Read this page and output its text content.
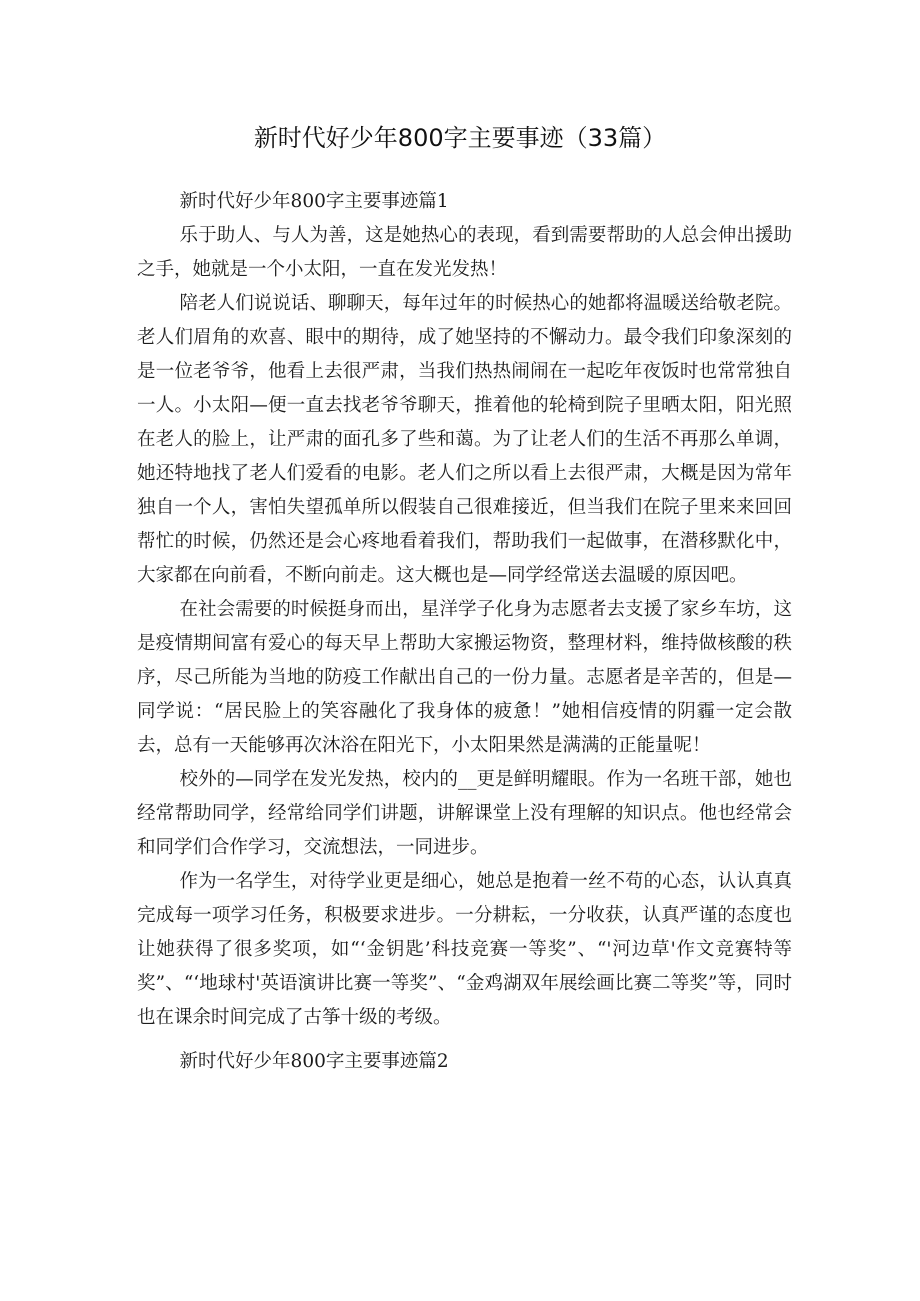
新时代好少年800字主要事迹（33篇）

新时代好少年800字主要事迹篇1

乐于助人、与人为善，这是她热心的表现，看到需要帮助的人总会伸出援助之手，她就是一个小太阳，一直在发光发热！

陪老人们说说话、聊聊天，每年过年的时候热心的她都将温暖送给敬老院。老人们眉角的欢喜、眼中的期待，成了她坚持的不懈动力。最令我们印象深刻的是一位老爷爷，他看上去很严肃，当我们热热闹闹在一起吃年夜饭时也常常独自一人。小太阳—便一直去找老爷爷聊天，推着他的轮椅到院子里晒太阳，阳光照在老人的脸上，让严肃的面孔多了些和蔼。为了让老人们的生活不再那么单调，她还特地找了老人们爱看的电影。老人们之所以看上去很严肃，大概是因为常年独自一个人，害怕失望孤单所以假装自己很难接近，但当我们在院子里来来回回帮忙的时候，仍然还是会心疼地看着我们，帮助我们一起做事，在潜移默化中，大家都在向前看，不断向前走。这大概也是—同学经常送去温暖的原因吧。

在社会需要的时候挺身而出，星洋学子化身为志愿者去支援了家乡车坊，这是疫情期间富有爱心的每天早上帮助大家搬运物资，整理材料，维持做核酸的秩序，尽己所能为当地的防疫工作献出自己的一份力量。志愿者是辛苦的，但是—同学说：“居民脸上的笑容融化了我身体的疲惫！”她相信疫情的阴霾一定会散去，总有一天能够再次沐浴在阳光下，小太阳果然是满满的正能量呢！

校外的—同学在发光发热，校内的__更是鲜明耀眼。作为一名班干部，她也经常帮助同学，经常给同学们讲题，讲解课堂上没有理解的知识点。他也经常会和同学们合作学习，交流想法，一同进步。

作为一名学生，对待学业更是细心，她总是抱着一丝不苟的心态，认认真真完成每一项学习任务，积极要求进步。一分耕耘，一分收获，认真严谨的态度也让她获得了很多奖项，如“‘金钥匙’科技竞赛一等奖”、“'河边草'作文竞赛特等奖”、“‘地球村'英语演讲比赛一等奖”、“金鸡湖双年展绘画比赛二等奖”等，同时也在课余时间完成了古筝十级的考级。

新时代好少年800字主要事迹篇2
